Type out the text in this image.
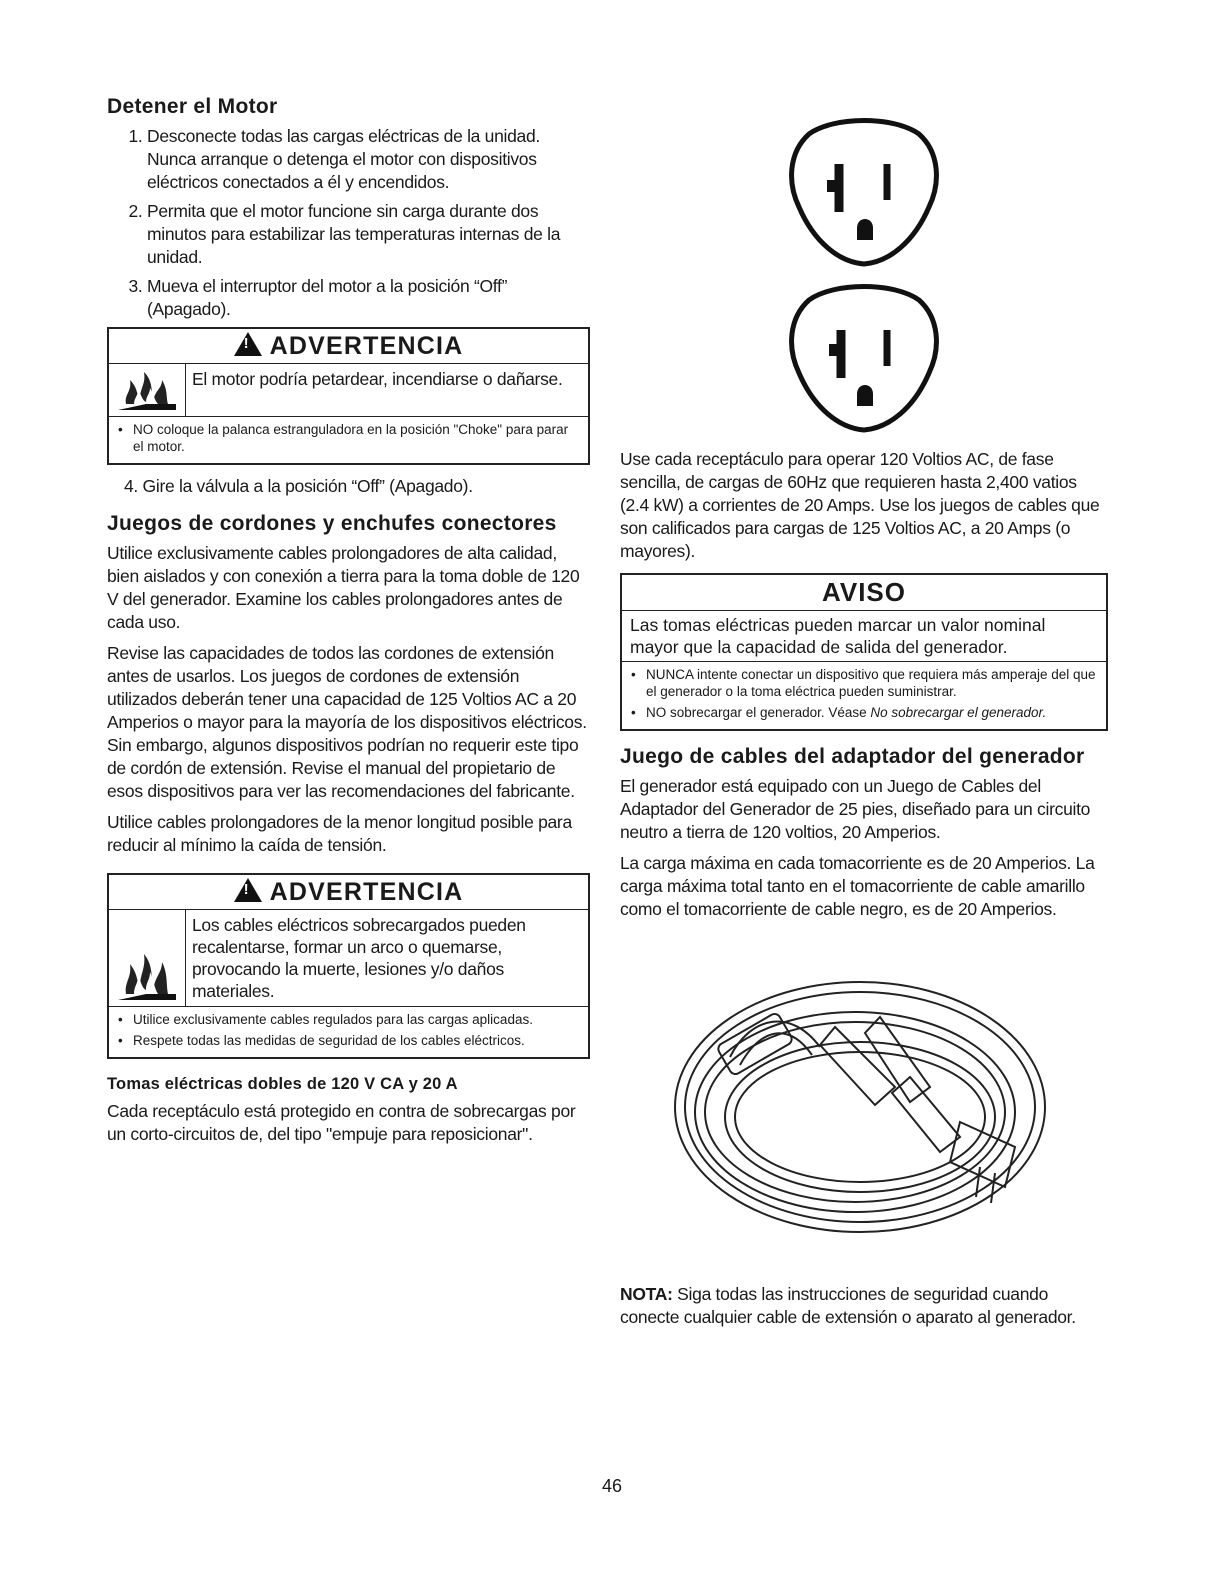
Detener el Motor
1. Desconecte todas las cargas eléctricas de la unidad. Nunca arranque o detenga el motor con dispositivos eléctricos conectados a él y encendidos.
2. Permita que el motor funcione sin carga durante dos minutos para estabilizar las temperaturas internas de la unidad.
3. Mueva el interruptor del motor a la posición “Off” (Apagado).
! ADVERTENCIA
El motor podría petardear, incendiarse o dañarse.
• NO coloque la palanca estranguladora en la posición "Choke" para parar el motor.
4. Gire la válvula a la posición “Off” (Apagado).
Juegos de cordones y enchufes conectores

Utilice exclusivamente cables prolongadores de alta calidad, bien aislados y con conexión a tierra para la toma doble de 120 V del generador. Examine los cables prolongadores antes de cada uso.

Revise las capacidades de todos las cordones de extensión antes de usarlos. Los juegos de cordones de extensión utilizados deberán tener una capacidad de 125 Voltios AC a 20 Amperios o mayor para la mayoría de los dispositivos eléctricos. Sin embargo, algunos dispositivos podrían no requerir este tipo de cordón de extensión. Revise el manual del propietario de esos dispositivos para ver las recomendaciones del fabricante.

Utilice cables prolongadores de la menor longitud posible para reducir al mínimo la caída de tensión.

! ADVERTENCIA
Los cables eléctricos sobrecargados pueden recalentarse, formar un arco o quemarse, provocando la muerte, lesiones y/o daños materiales.
• Utilice exclusivamente cables regulados para las cargas aplicadas.
• Respete todas las medidas de seguridad de los cables eléctricos.
Tomas eléctricas dobles de 120 V CA y 20 A

Cada receptáculo está protegido en contra de sobrecargas por un corto-circuitos de, del tipo "empuje para reposicionar".

Use cada receptáculo para operar 120 Voltios AC, de fase sencilla, de cargas de 60Hz que requieren hasta 2,400 vatios (2.4 kW) a corrientes de 20 Amps. Use los juegos de cables que son calificados para cargas de 125 Voltios AC, a 20 Amps (o mayores).

AVISO
Las tomas eléctricas pueden marcar un valor nominal mayor que la capacidad de salida del generador.
• NUNCA intente conectar un dispositivo que requiera más amperaje del que el generador o la toma eléctrica pueden suministrar.
• NO sobrecargar el generador. Véase No sobrecargar el generador.
Juego de cables del adaptador del generador

El generador está equipado con un Juego de Cables del Adaptador del Generador de 25 pies, diseñado para un circuito neutro a tierra de 120 voltios, 20 Amperios.

La carga máxima en cada tomacorriente es de 20 Amperios. La carga máxima total tanto en el tomacorriente de cable amarillo como el tomacorriente de cable negro, es de 20 Amperios.

NOTA: Siga todas las instrucciones de seguridad cuando conecte cualquier cable de extensión o aparato al generador.

46
